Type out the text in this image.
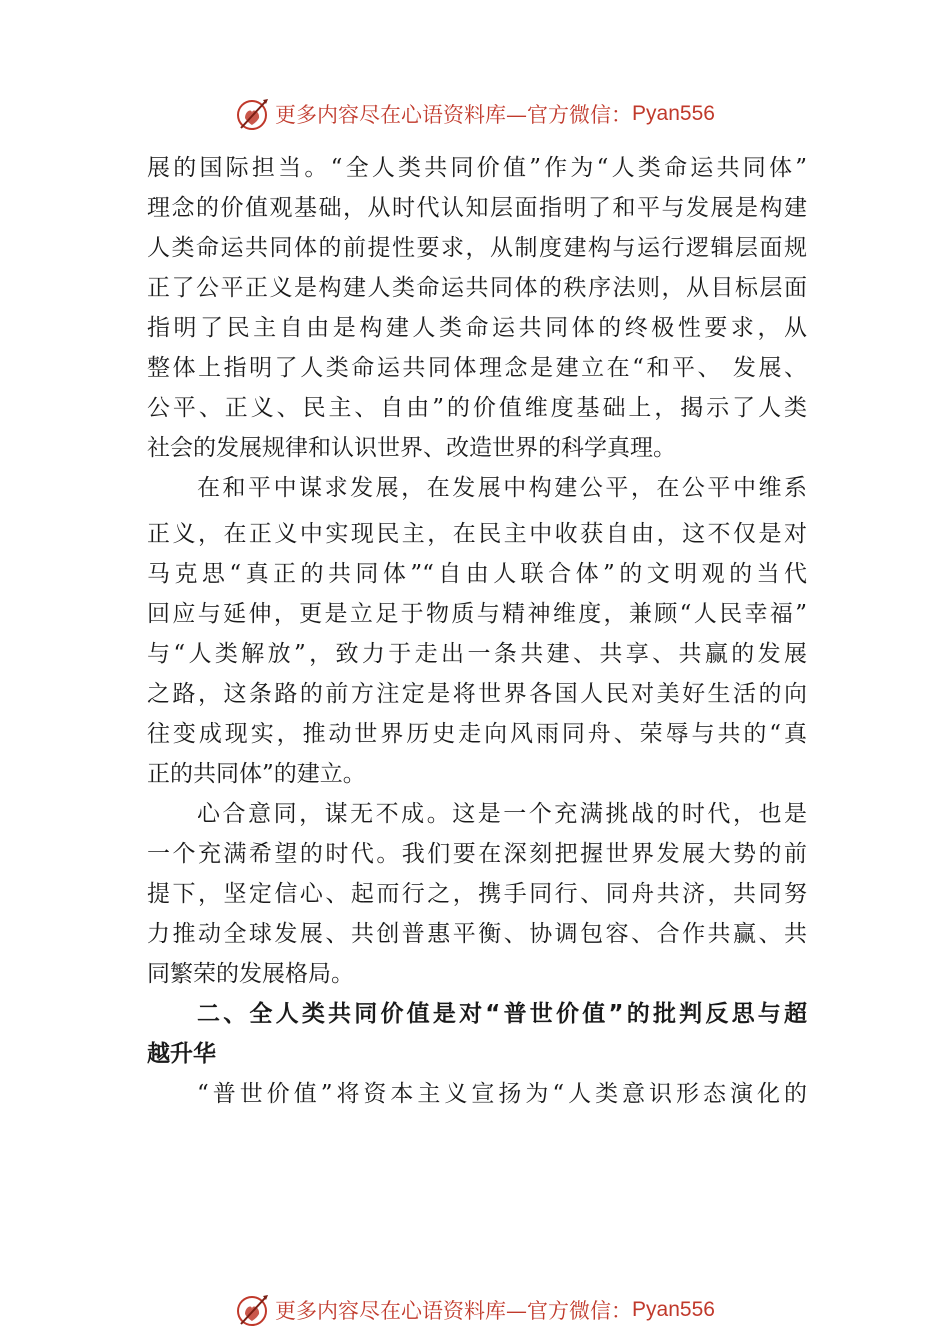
更多内容尽在心语资料库—官方微信： Pyan556
展的国际担当。“全人类共同价值”作为“人类命运共同体”
理念的价值观基础，从时代认知层面指明了和平与发展是构建
人类命运共同体的前提性要求，从制度建构与运行逻辑层面规
正了公平正义是构建人类命运共同体的秩序法则，从目标层面
指明了民主自由是构建人类命运共同体的终极性要求，从
整体上指明了人类命运共同体理念是建立在“和平、 发展、
公平、正义、民主、自由”的价值维度基础上，揭示了人类
社会的发展规律和认识世界、改造世界的科学真理。
在和平中谋求发展，在发展中构建公平，在公平中维系
正义，在正义中实现民主，在民主中收获自由，这不仅是对
马克思“真正的共同体”“自由人联合体”的文明观的当代
回应与延伸，更是立足于物质与精神维度，兼顾“人民幸福”
与“人类解放”，致力于走出一条共建、共享、共赢的发展
之路，这条路的前方注定是将世界各国人民对美好生活的向
往变成现实，推动世界历史走向风雨同舟、荣辱与共的“真
正的共同体”的建立。
心合意同，谋无不成。这是一个充满挑战的时代，也是
一个充满希望的时代。我们要在深刻把握世界发展大势的前
提下，坚定信心、起而行之，携手同行、同舟共济，共同努
力推动全球发展、共创普惠平衡、协调包容、合作共赢、共
同繁荣的发展格局。
二、全人类共同价值是对“普世价值”的批判反思与超
越升华
“普世价值”将资本主义宣扬为“人类意识形态演化的
更多内容尽在心语资料库—官方微信： Pyan556
